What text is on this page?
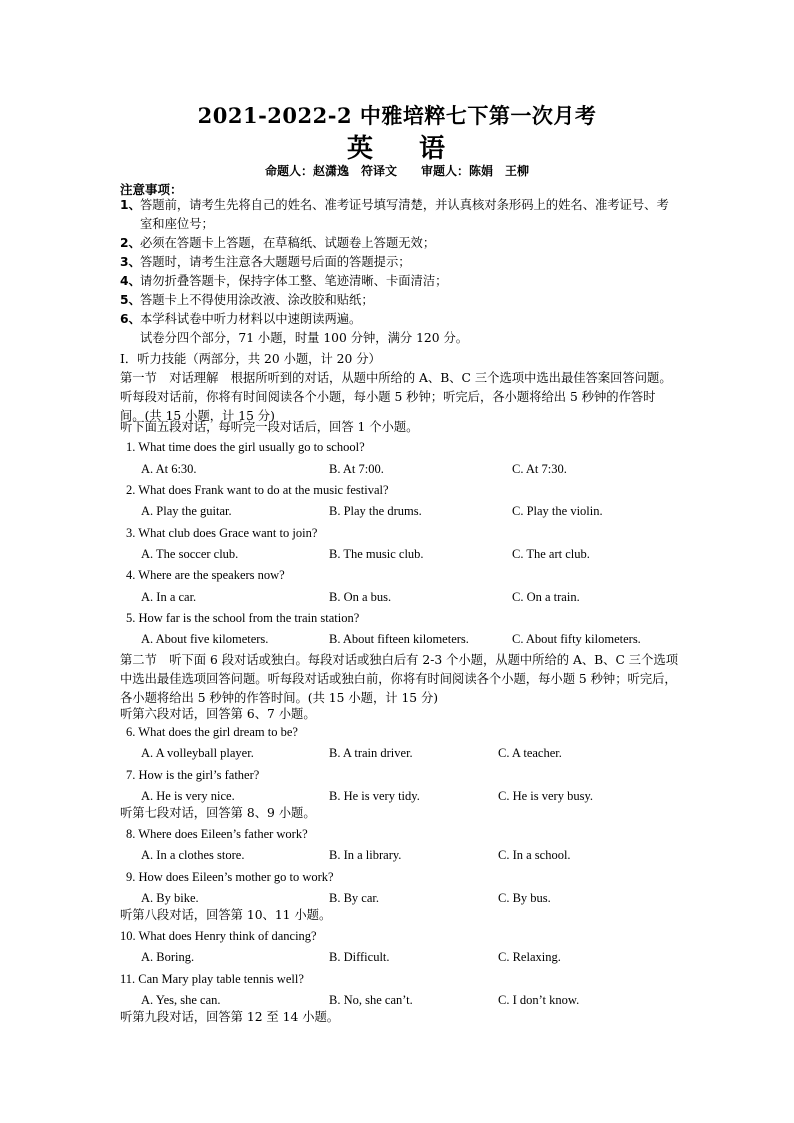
2021-2022-2 中雅培粹七下第一次月考
英 语
命题人：赵潇逸　符译文　　审题人：陈娟　王柳
注意事项：
1、 答题前，请考生先将自己的姓名、准考证号填写清楚，并认真核对条形码上的姓名、准考证号、考室和座位号；
2、 必须在答题卡上答题，在草稿纸、试题卷上答题无效；
3、 答题时，请考生注意各大题题号后面的答题提示；
4、 请勿折叠答题卡，保持字体工整、笔迹清晰、卡面清洁；
5、 答题卡上不得使用涂改液、涂改胶和贴纸；
6、 本学科试卷中听力材料以中速朗读两遍。
试卷分四个部分，71 小题，时量 100 分钟，满分 120 分。
I．听力技能（两部分，共 20 小题，计 20 分）
第一节　对话理解　根据所听到的对话，从题中所给的 A、B、C 三个选项中选出最佳答案回答问题。听每段对话前，你将有时间阅读各个小题，每小题 5 秒钟；听完后，各小题将给出 5 秒钟的作答时间。(共 15 小题，计 15 分)
听下面五段对话，每听完一段对话后，回答 1 个小题。
1. What time does the girl usually go to school?
A. At 6:30.	B. At 7:00.	C. At 7:30.
2. What does Frank want to do at the music festival?
A. Play the guitar.	B. Play the drums.	C. Play the violin.
3. What club does Grace want to join?
A. The soccer club.	B. The music club.	C. The art club.
4. Where are the speakers now?
A. In a car.	B. On a bus.	C. On a train.
5. How far is the school from the train station?
A. About five kilometers.	B. About fifteen kilometers.	C. About fifty kilometers.
第二节　听下面 6 段对话或独白。每段对话或独白后有 2-3 个小题，从题中所给的 A、B、C 三个选项中选出最佳选项回答问题。听每段对话或独白前，你将有时间阅读各个小题，每小题 5 秒钟；听完后，各小题将给出 5 秒钟的作答时间。(共 15 小题，计 15 分)
听第六段对话，回答第 6、7 小题。
6. What does the girl dream to be?
A. A volleyball player.	B. A train driver.	C. A teacher.
7. How is the girl’s father?
A. He is very nice.	B. He is very tidy.	C. He is very busy.
听第七段对话，回答第 8、9 小题。
8. Where does Eileen’s father work?
A. In a clothes store.	B. In a library.	C. In a school.
9. How does Eileen’s mother go to work?
A. By bike.	B. By car.	C. By bus.
听第八段对话，回答第 10、11 小题。
10. What does Henry think of dancing?
A. Boring.	B. Difficult.	C. Relaxing.
11. Can Mary play table tennis well?
A. Yes, she can.	B. No, she can’t.	C. I don’t know.
听第九段对话，回答第 12 至 14 小题。
